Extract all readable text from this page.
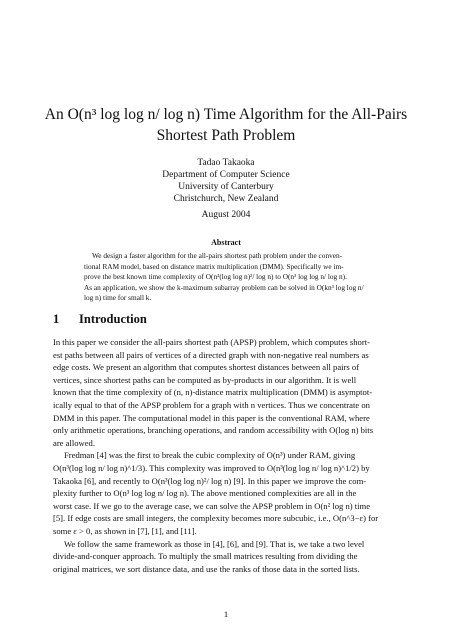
An O(n³ log log n/ log n) Time Algorithm for the All-Pairs
Shortest Path Problem
Tadao Takaoka
Department of Computer Science
University of Canterbury
Christchurch, New Zealand
August 2004
Abstract
We design a faster algorithm for the all-pairs shortest path problem under the conven-
tional RAM model, based on distance matrix multiplication (DMM). Specifically we im-
prove the best known time complexity of O(n³(log log n)²/ log n) to O(n³ log log n/ log n).
As an application, we show the k-maximum subarray problem can be solved in O(kn³ log log n/
log n) time for small k.
1 Introduction
In this paper we consider the all-pairs shortest path (APSP) problem, which computes short-
est paths between all pairs of vertices of a directed graph with non-negative real numbers as
edge costs. We present an algorithm that computes shortest distances between all pairs of
vertices, since shortest paths can be computed as by-products in our algorithm. It is well
known that the time complexity of (n, n)-distance matrix multiplication (DMM) is asymptot-
ically equal to that of the APSP problem for a graph with n vertices. Thus we concentrate on
DMM in this paper. The computational model in this paper is the conventional RAM, where
only arithmetic operations, branching operations, and random accessibility with O(log n) bits
are allowed.
Fredman [4] was the first to break the cubic complexity of O(n³) under RAM, giving
O(n³(log log n/ log n)^1/3). This complexity was improved to O(n³(log log n/ log n)^1/2) by
Takaoka [6], and recently to O(n³(log log n)²/ log n) [9]. In this paper we improve the com-
plexity further to O(n³ log log n/ log n). The above mentioned complexities are all in the
worst case. If we go to the average case, we can solve the APSP problem in O(n² log n) time
[5]. If edge costs are small integers, the complexity becomes more subcubic, i.e., O(n^3−ε) for
some ε > 0, as shown in [7], [1], and [11].
We follow the same framework as those in [4], [6], and [9]. That is, we take a two level
divide-and-conquer approach. To multiply the small matrices resulting from dividing the
original matrices, we sort distance data, and use the ranks of those data in the sorted lists.
1
